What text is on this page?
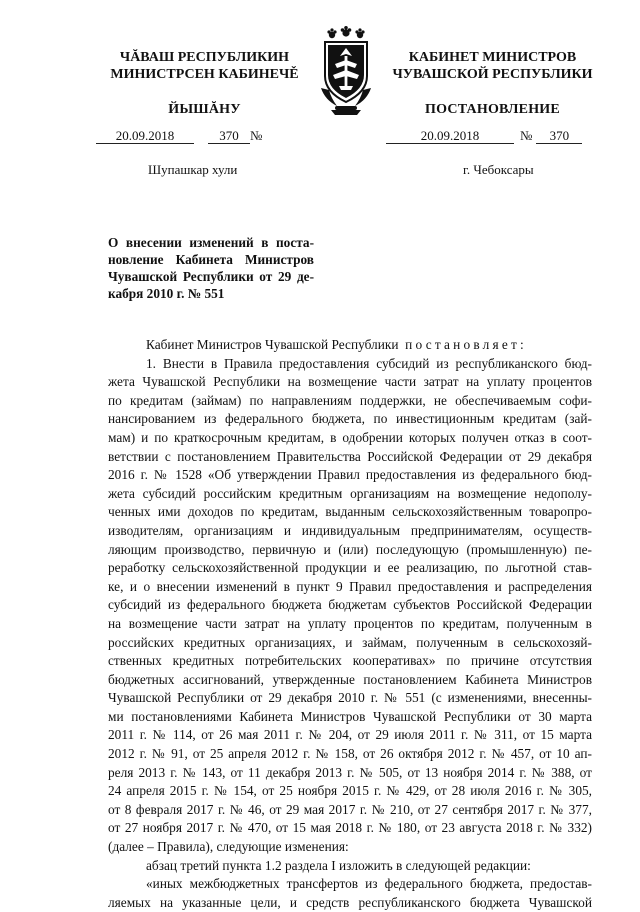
ЧĂВАШ РЕСПУБЛИКИН
МИНИСТРСЕН КАБИНЕЧĚ
ЙЫШĂНУ
КАБИНЕТ МИНИСТРОВ
ЧУВАШСКОЙ РЕСПУБЛИКИ
ПОСТАНОВЛЕНИЕ
20.09.2018	370 №	20.09.2018	№ 370
Шупашкар хули	г. Чебоксары
О внесении изменений в поста-
новление Кабинета Министров
Чувашской Республики от 29 де-
кабря 2010 г. № 551
Кабинет Министров Чувашской Республики постановляет:
1. Внести в Правила предоставления субсидий из республиканского бюд-
жета Чувашской Республики на возмещение части затрат на уплату процентов
по кредитам (займам) по направлениям поддержки, не обеспечиваемым софи-
нансированием из федерального бюджета, по инвестиционным кредитам (зай-
мам) и по краткосрочным кредитам, в одобрении которых получен отказ в соот-
ветствии с постановлением Правительства Российской Федерации от 29 декабря
2016 г. № 1528 «Об утверждении Правил предоставления из федерального бюд-
жета субсидий российским кредитным организациям на возмещение недополу-
ченных ими доходов по кредитам, выданным сельскохозяйственным товаропро-
изводителям, организациям и индивидуальным предпринимателям, осуществ-
ляющим производство, первичную и (или) последующую (промышленную) пе-
реработку сельскохозяйственной продукции и ее реализацию, по льготной став-
ке, и о внесении изменений в пункт 9 Правил предоставления и распределения
субсидий из федерального бюджета бюджетам субъектов Российской Федерации
на возмещение части затрат на уплату процентов по кредитам, полученным в
российских кредитных организациях, и займам, полученным в сельскохозяй-
ственных кредитных потребительских кооперативах» по причине отсутствия
бюджетных ассигнований, утвержденные постановлением Кабинета Министров
Чувашской Республики от 29 декабря 2010 г. № 551 (с изменениями, внесенны-
ми постановлениями Кабинета Министров Чувашской Республики от 30 марта
2011 г. № 114, от 26 мая 2011 г. № 204, от 29 июля 2011 г. № 311, от 15 марта
2012 г. № 91, от 25 апреля 2012 г. № 158, от 26 октября 2012 г. № 457, от 10 ап-
реля 2013 г. № 143, от 11 декабря 2013 г. № 505, от 13 ноября 2014 г. № 388, от
24 апреля 2015 г. № 154, от 25 ноября 2015 г. № 429, от 28 июля 2016 г. № 305,
от 8 февраля 2017 г. № 46, от 29 мая 2017 г. № 210, от 27 сентября 2017 г. № 377,
от 27 ноября 2017 г. № 470, от 15 мая 2018 г. № 180, от 23 августа 2018 г. № 332)
(далее – Правила), следующие изменения:
абзац третий пункта 1.2 раздела I изложить в следующей редакции:
«иных межбюджетных трансфертов из федерального бюджета, предостав-
ляемых на указанные цели, и средств республиканского бюджета Чувашской
